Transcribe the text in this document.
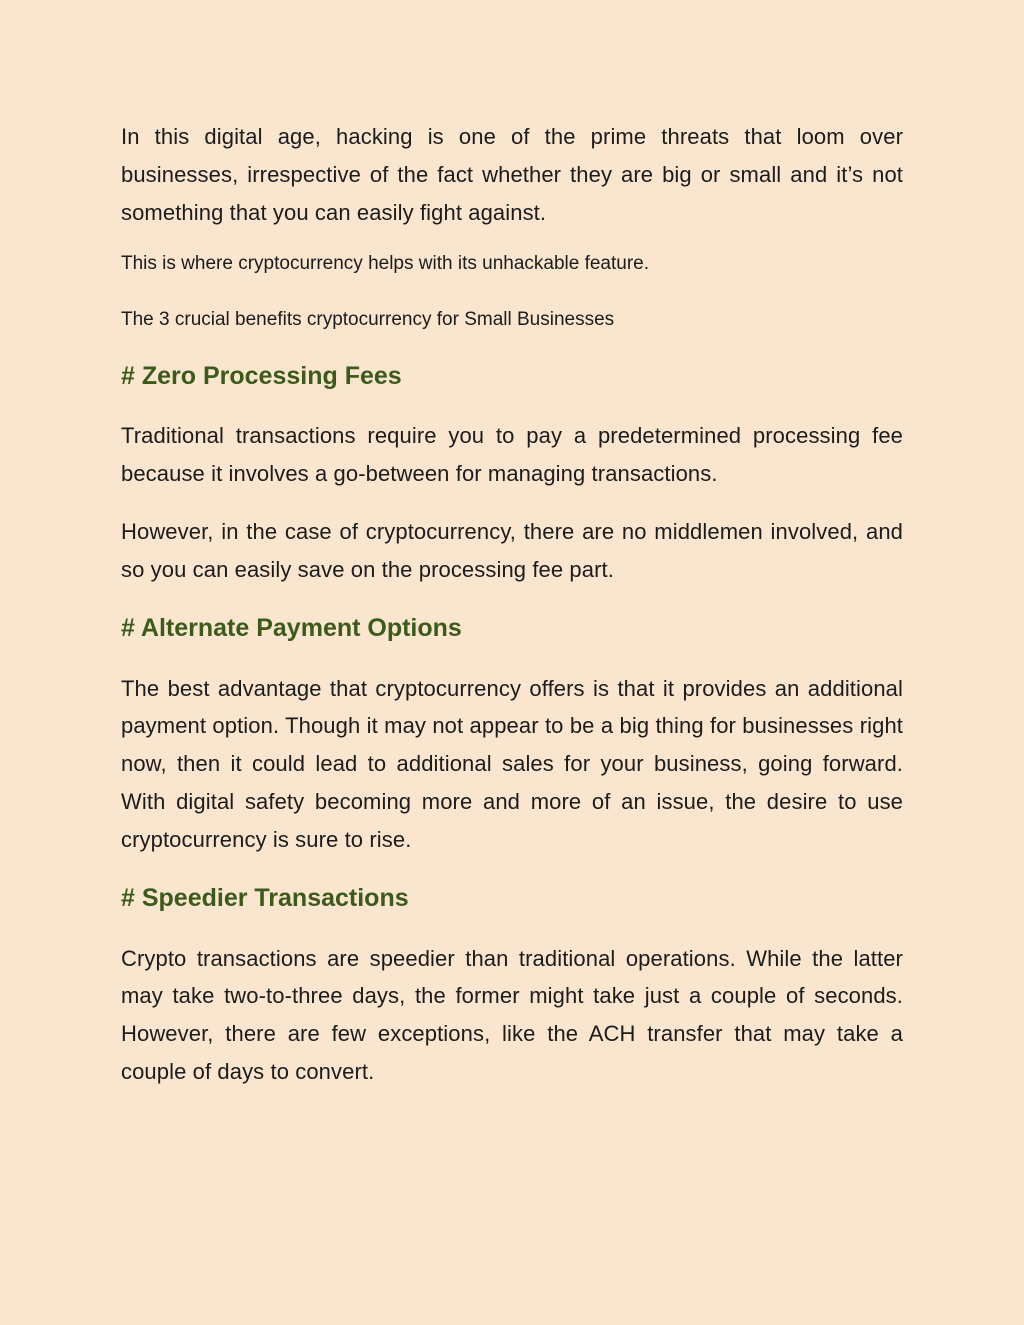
In this digital age, hacking is one of the prime threats that loom over businesses, irrespective of the fact whether they are big or small and it’s not something that you can easily fight against.

This is where cryptocurrency helps with its unhackable feature.

The 3 crucial benefits cryptocurrency for Small Businesses

# Zero Processing Fees

Traditional transactions require you to pay a predetermined processing fee because it involves a go-between for managing transactions.

However, in the case of cryptocurrency, there are no middlemen involved, and so you can easily save on the processing fee part.

# Alternate Payment Options

The best advantage that cryptocurrency offers is that it provides an additional payment option. Though it may not appear to be a big thing for businesses right now, then it could lead to additional sales for your business, going forward. With digital safety becoming more and more of an issue, the desire to use cryptocurrency is sure to rise.

# Speedier Transactions

Crypto transactions are speedier than traditional operations. While the latter may take two-to-three days, the former might take just a couple of seconds. However, there are few exceptions, like the ACH transfer that may take a couple of days to convert.
